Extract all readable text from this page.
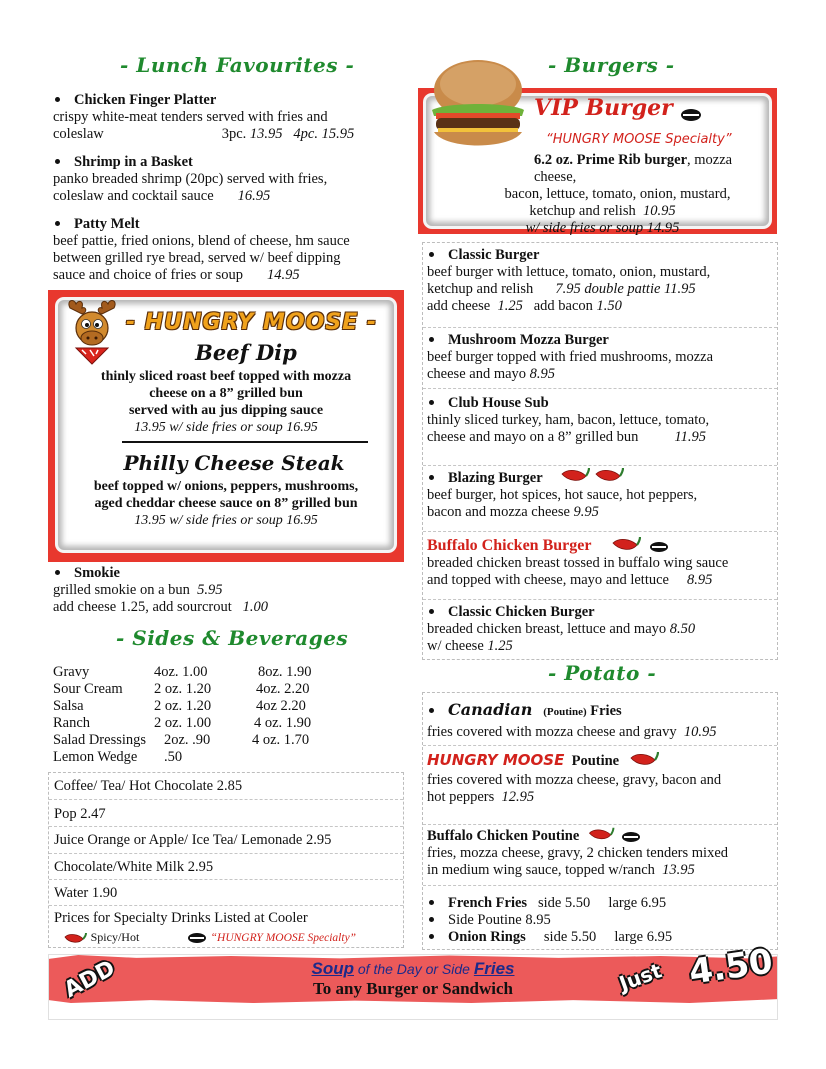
- Lunch Favourites -
Chicken Finger Platter
crispy white-meat tenders served with fries and
coleslaw	3pc. 13.95 4pc. 15.95
Shrimp in a Basket
panko breaded shrimp (20pc) served with fries,
coleslaw and cocktail sauce 16.95
Patty Melt
beef pattie, fried onions, blend of cheese, hm sauce
between grilled rye bread, served w/ beef dipping
sauce and choice of fries or soup 14.95
- HUNGRY MOOSE -
Beef Dip
thinly sliced roast beef topped with mozza
cheese on a 8” grilled bun
served with au jus dipping sauce
13.95 w/ side fries or soup 16.95
Philly Cheese Steak
beef topped w/ onions, peppers, mushrooms,
aged cheddar cheese sauce on 8” grilled bun
13.95 w/ side fries or soup 16.95
Smokie
grilled smokie on a bun 5.95
add cheese 1.25, add sourcrout 1.00
- Sides & Beverages
Gravy	4oz. 1.00	8oz. 1.90
Sour Cream 2 oz. 1.20	4oz. 2.20
Salsa	2 oz. 1.20	4oz 2.20
Ranch	2 oz. 1.00	4 oz. 1.90
Salad Dressings 2oz. .90	4 oz. 1.70
Lemon Wedge .50
Coffee/ Tea/ Hot Chocolate 2.85
Pop 2.47
Juice Orange or Apple/ Ice Tea/ Lemonade 2.95
Chocolate/White Milk 2.95
Water 1.90
Prices for Specialty Drinks Listed at Cooler
Spicy/Hot	“HUNGRY MOOSE Specialty”
- Burgers -
VIP Burger
“HUNGRY MOOSE Specialty”
6.2 oz. Prime Rib burger, mozza cheese,
bacon, lettuce, tomato, onion, mustard,
ketchup and relish 10.95
w/ side fries or soup 14.95
Classic Burger
beef burger with lettuce, tomato, onion, mustard,
ketchup and relish 7.95 double pattie 11.95
add cheese 1.25 add bacon 1.50
Mushroom Mozza Burger
beef burger topped with fried mushrooms, mozza
cheese and mayo 8.95
Club House Sub
thinly sliced turkey, ham, bacon, lettuce, tomato,
cheese and mayo on a 8” grilled bun 11.95
Blazing Burger
beef burger, hot spices, hot sauce, hot peppers,
bacon and mozza cheese 9.95
Buffalo Chicken Burger
breaded chicken breast tossed in buffalo wing sauce
and topped with cheese, mayo and lettuce 8.95
Classic Chicken Burger
breaded chicken breast, lettuce and mayo 8.50
w/ cheese 1.25
- Potato -
Canadian (Poutine) Fries
fries covered with mozza cheese and gravy 10.95
HUNGRY MOOSE Poutine
fries covered with mozza cheese, gravy, bacon and
hot peppers 12.95
Buffalo Chicken Poutine
fries, mozza cheese, gravy, 2 chicken tenders mixed
in medium wing sauce, topped w/ranch 13.95
French Fries   side 5.50     large 6.95
Side Poutine 8.95
Onion Rings     side 5.50     large 6.95
ADD	Soup of the Day or Side Fries
To any Burger or Sandwich	Just 4.50
